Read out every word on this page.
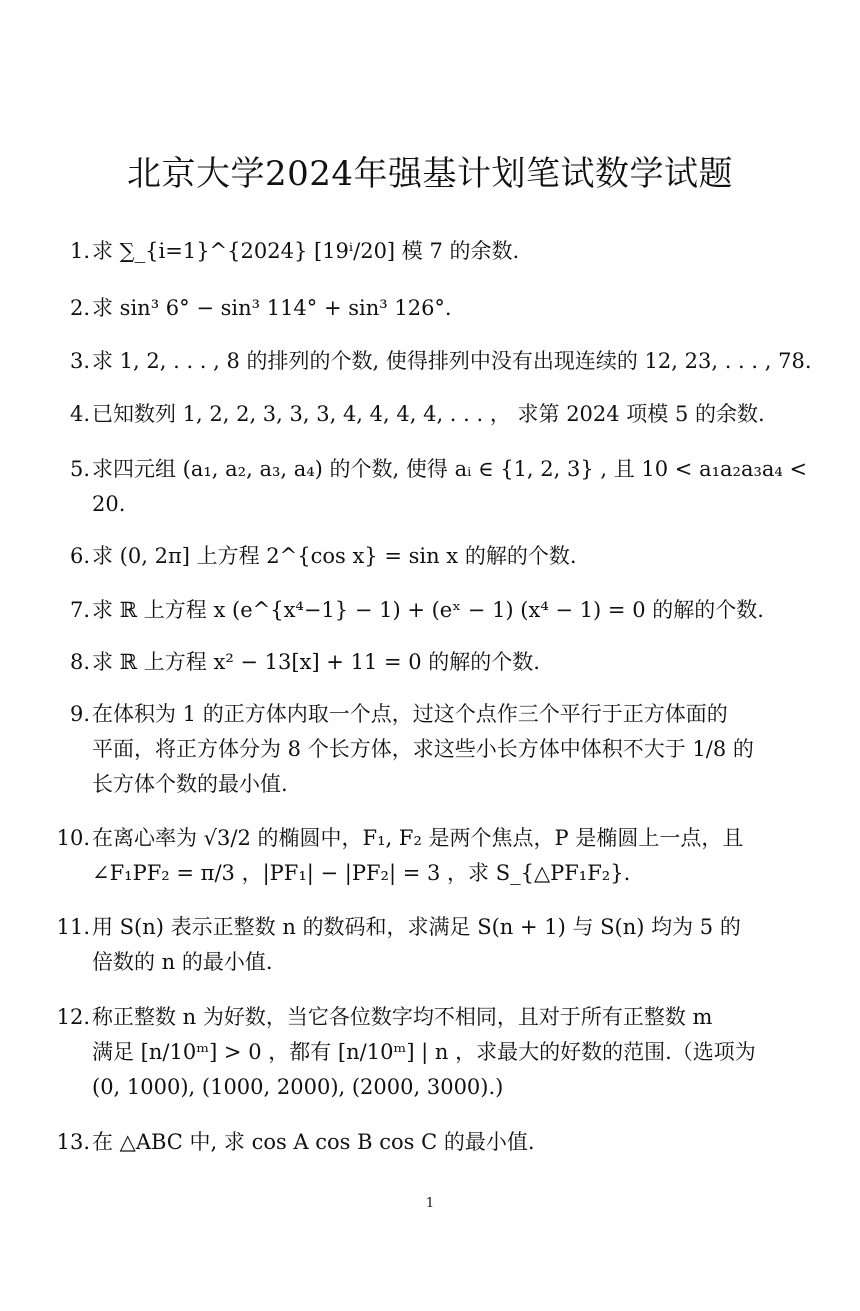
北京大学2024年强基计划笔试数学试题
1. 求 ∑_{i=1}^{2024} [19ⁱ/20] 模 7 的余数.
2. 求 sin³ 6° − sin³ 114° + sin³ 126°.
3. 求 1, 2, . . . , 8 的排列的个数, 使得排列中没有出现连续的 12, 23, . . . , 78.
4. 已知数列 1, 2, 2, 3, 3, 3, 4, 4, 4, 4, . . . ， 求第 2024 项模 5 的余数.
5. 求四元组 (a₁, a₂, a₃, a₄) 的个数, 使得 aᵢ ∈ {1, 2, 3} , 且 10 < a₁a₂a₃a₄ <
20.
6. 求 (0, 2π] 上方程 2^{cos x} = sin x 的解的个数.
7. 求 ℝ 上方程 x (e^{x⁴−1} − 1) + (eˣ − 1) (x⁴ − 1) = 0 的解的个数.
8. 求 ℝ 上方程 x² − 13[x] + 11 = 0 的解的个数.
9. 在体积为 1 的正方体内取一个点，过这个点作三个平行于正方体面的
平面，将正方体分为 8 个长方体，求这些小长方体中体积不大于 1/8 的
长方体个数的最小值.
10. 在离心率为 √3/2 的椭圆中，F₁, F₂ 是两个焦点，P 是椭圆上一点，且
∠F₁PF₂ = π/3 ，|PF₁| − |PF₂| = 3 ，求 S_{△PF₁F₂}.
11. 用 S(n) 表示正整数 n 的数码和，求满足 S(n + 1) 与 S(n) 均为 5 的
倍数的 n 的最小值.
12. 称正整数 n 为好数，当它各位数字均不相同，且对于所有正整数 m
满足 [n/10ᵐ] > 0 ，都有 [n/10ᵐ] | n ，求最大的好数的范围.（选项为
(0, 1000), (1000, 2000), (2000, 3000).)
13. 在 △ABC 中, 求 cos A cos B cos C 的最小值.
1
